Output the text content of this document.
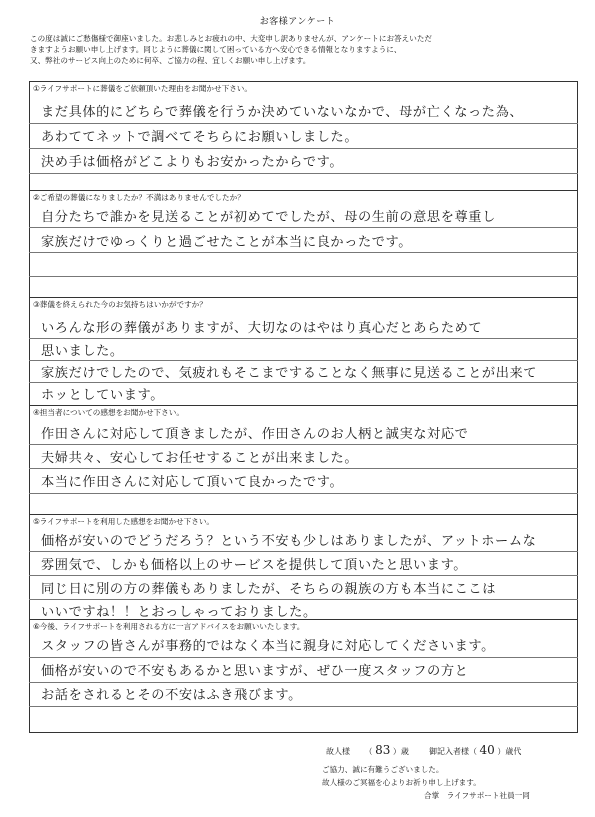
お客様アンケート
この度は誠にご愁傷様で御座いました。お悲しみとお疲れの中、大変申し訳ありませんが、アンケートにお答えいただ
きますようお願い申し上げます。同じように葬儀に関して困っている方へ安心できる情報となりますように、
又、弊社のサービス向上のために何卒、ご協力の程、宜しくお願い申し上げます。
①ライフサポートに葬儀をご依頼頂いた理由をお聞かせ下さい。
まだ具体的にどちらで葬儀を行うか決めていないなかで、母が亡くなった為、
あわててネットで調べてそちらにお願いしました。
決め手は価格がどこよりもお安かったからです。
②ご希望の葬儀になりましたか？不満はありませんでしたか？
自分たちで誰かを見送ることが初めてでしたが、母の生前の意思を尊重し
家族だけでゆっくりと過ごせたことが本当に良かったです。
③葬儀を終えられた今のお気持ちはいかがですか？
いろんな形の葬儀がありますが、大切なのはやはり真心だとあらためて
思いました。
家族だけでしたので、気疲れもそこまですることなく無事に見送ることが出来て
ホッとしています。
④担当者についての感想をお聞かせ下さい。
作田さんに対応して頂きましたが、作田さんのお人柄と誠実な対応で
夫婦共々、安心してお任せすることが出来ました。
本当に作田さんに対応して頂いて良かったです。
⑤ライフサポートを利用した感想をお聞かせ下さい。
価格が安いのでどうだろう？という不安も少しはありましたが、アットホームな
雰囲気で、しかも価格以上のサービスを提供して頂いたと思います。
同じ日に別の方の葬儀もありましたが、そちらの親族の方も本当にここは
いいですね！！とおっしゃっておりました。
⑥今後、ライフサポートを利用される方に一言アドバイスをお願いいたします。
スタッフの皆さんが事務的ではなく本当に親身に対応してくださいます。
価格が安いので不安もあるかと思いますが、ぜひ一度スタッフの方と
お話をされるとその不安はふき飛びます。
故人様 （ 83 ）歳	御記入者様（ 40 ）歳代
ご協力、誠に有難うございました。
故人様のご冥福を心よりお祈り申し上げます。
合掌　ライフサポート社員一同
